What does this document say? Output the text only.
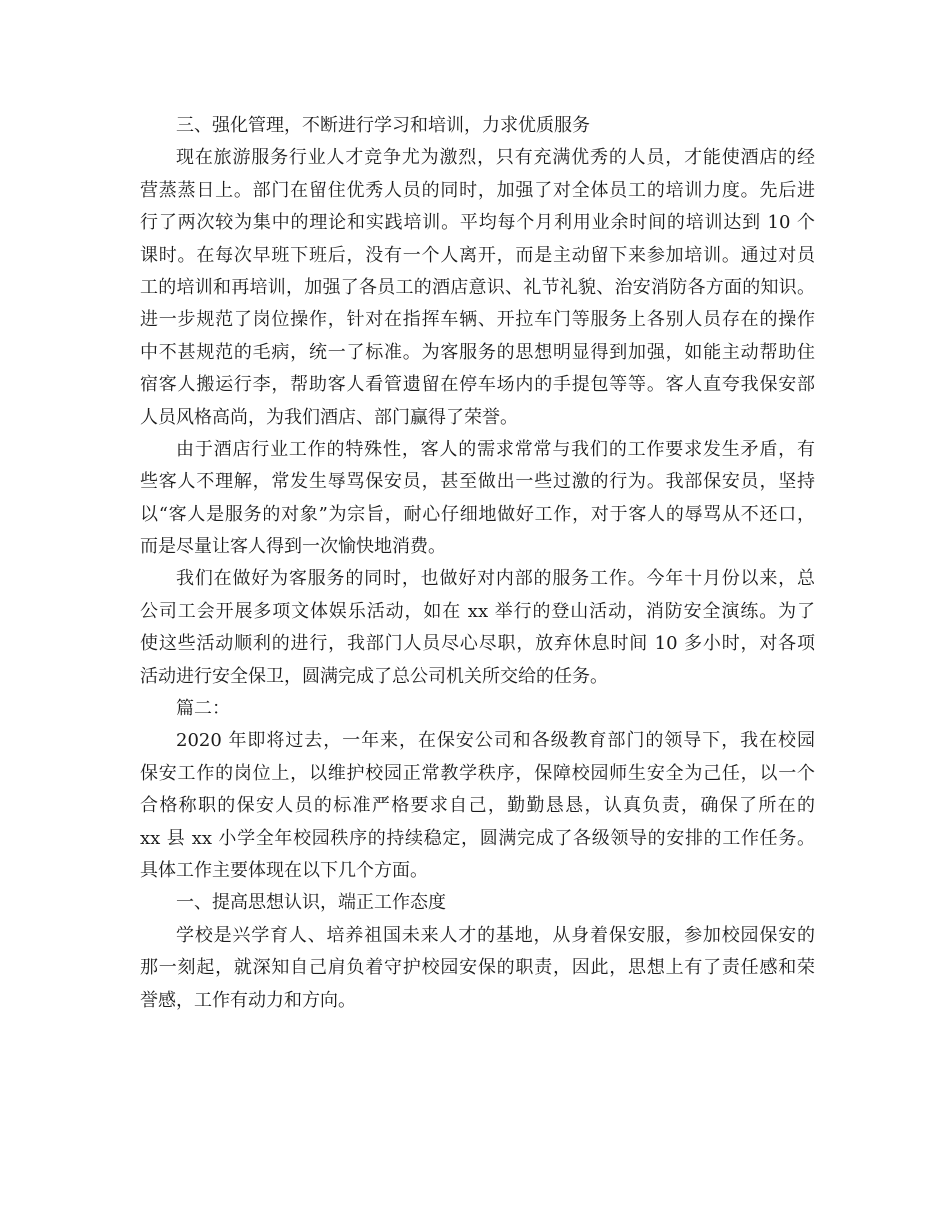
三、强化管理，不断进行学习和培训，力求优质服务
现在旅游服务行业人才竞争尤为激烈，只有充满优秀的人员，才能使酒店的经
营蒸蒸日上。部门在留住优秀人员的同时，加强了对全体员工的培训力度。先后进
行了两次较为集中的理论和实践培训。平均每个月利用业余时间的培训达到 10 个
课时。在每次早班下班后，没有一个人离开，而是主动留下来参加培训。通过对员
工的培训和再培训，加强了各员工的酒店意识、礼节礼貌、治安消防各方面的知识。
进一步规范了岗位操作，针对在指挥车辆、开拉车门等服务上各别人员存在的操作
中不甚规范的毛病，统一了标准。为客服务的思想明显得到加强，如能主动帮助住
宿客人搬运行李，帮助客人看管遗留在停车场内的手提包等等。客人直夸我保安部
人员风格高尚，为我们酒店、部门赢得了荣誉。
由于酒店行业工作的特殊性，客人的需求常常与我们的工作要求发生矛盾，有
些客人不理解，常发生辱骂保安员，甚至做出一些过激的行为。我部保安员，坚持
以“客人是服务的对象”为宗旨，耐心仔细地做好工作，对于客人的辱骂从不还口，
而是尽量让客人得到一次愉快地消费。
我们在做好为客服务的同时，也做好对内部的服务工作。今年十月份以来，总
公司工会开展多项文体娱乐活动，如在 xx 举行的登山活动，消防安全演练。为了
使这些活动顺利的进行，我部门人员尽心尽职，放弃休息时间 10 多小时，对各项
活动进行安全保卫，圆满完成了总公司机关所交给的任务。
篇二：
2020 年即将过去，一年来，在保安公司和各级教育部门的领导下，我在校园
保安工作的岗位上，以维护校园正常教学秩序，保障校园师生安全为己任，以一个
合格称职的保安人员的标准严格要求自己，勤勤恳恳，认真负责，确保了所在的
xx 县 xx 小学全年校园秩序的持续稳定，圆满完成了各级领导的安排的工作任务。
具体工作主要体现在以下几个方面。
一、提高思想认识，端正工作态度
学校是兴学育人、培养祖国未来人才的基地，从身着保安服，参加校园保安的
那一刻起，就深知自己肩负着守护校园安保的职责，因此，思想上有了责任感和荣
誉感，工作有动力和方向。
